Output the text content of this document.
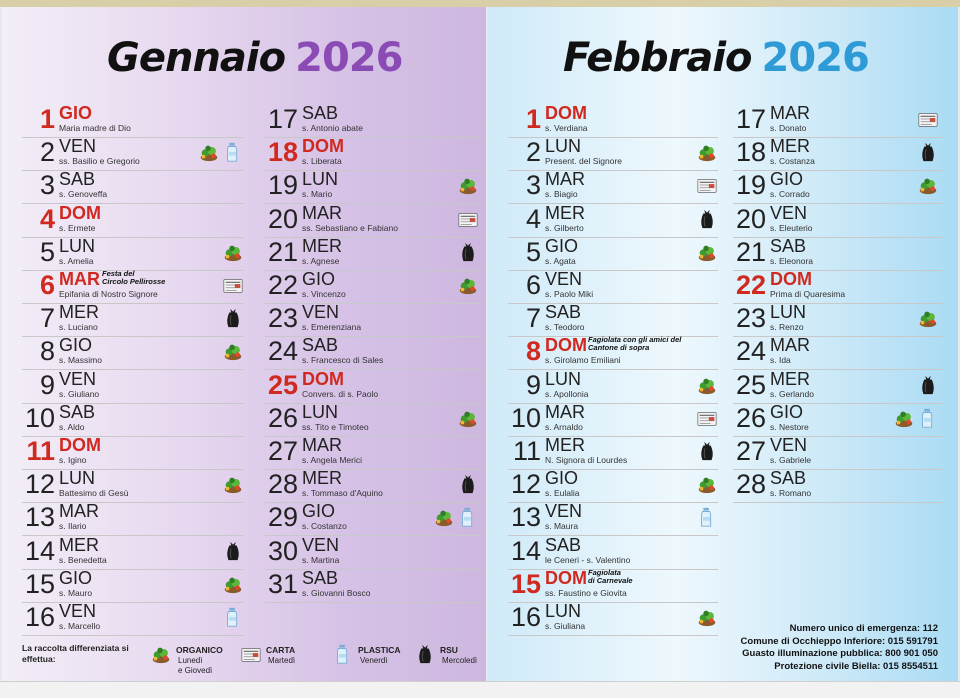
Gennaio 2026
1 GIO
Maria madre di Dio
2 VEN
ss. Basilio e Gregorio
3 SAB
s. Genoveffa
4 DOM
s. Ermete
5 LUN
s. Amelia
6 MAR
Epifania di Nostro Signore
Festa del
Circolo Pellirosse
7 MER
s. Luciano
8 GIO
s. Massimo
9 VEN
s. Giuliano
10 SAB
s. Aldo
11 DOM
s. Igino
12 LUN
Battesimo di Gesù
13 MAR
s. Ilario
14 MER
s. Benedetta
15 GIO
s. Mauro
16 VEN
s. Marcello
17 SAB
s. Antonio abate
18 DOM
s. Liberata
19 LUN
s. Mario
20 MAR
ss. Sebastiano e Fabiano
21 MER
s. Agnese
22 GIO
s. Vincenzo
23 VEN
s. Emerenziana
24 SAB
s. Francesco di Sales
25 DOM
Convers. di s. Paolo
26 LUN
ss. Tito e Timoteo
27 MAR
s. Angela Merici
28 MER
s. Tommaso d'Aquino
29 GIO
s. Costanzo
30 VEN
s. Martina
31 SAB
s. Giovanni Bosco
La raccolta differenziata si effettua:
ORGANICO
Lunedì
e Giovedì
CARTA
Martedì
PLASTICA
Venerdì
RSU
Mercoledì
Febbraio 2026
1 DOM
s. Verdiana
2 LUN
Present. del Signore
3 MAR
s. Biagio
4 MER
s. Gilberto
5 GIO
s. Agata
6 VEN
s. Paolo Miki
7 SAB
s. Teodoro
8 DOM
s. Girolamo Emiliani
Fagiolata con gli amici del
Cantone di sopra
9 LUN
s. Apollonia
10 MAR
s. Arnaldo
11 MER
N. Signora di Lourdes
12 GIO
s. Eulalia
13 VEN
s. Maura
14 SAB
le Ceneri - s. Valentino
15 DOM
ss. Faustino e Giovita
Fagiolata
di Carnevale
16 LUN
s. Giuliana
17 MAR
s. Donato
18 MER
s. Costanza
19 GIO
s. Corrado
20 VEN
s. Eleuterio
21 SAB
s. Eleonora
22 DOM
Prima di Quaresima
23 LUN
s. Renzo
24 MAR
s. Ida
25 MER
s. Gerlando
26 GIO
s. Nestore
27 VEN
s. Gabriele
28 SAB
s. Romano
Numero unico di emergenza: 112
Comune di Occhieppo Inferiore: 015 591791
Guasto illuminazione pubblica: 800 901 050
Protezione civile Biella: 015 8554511
